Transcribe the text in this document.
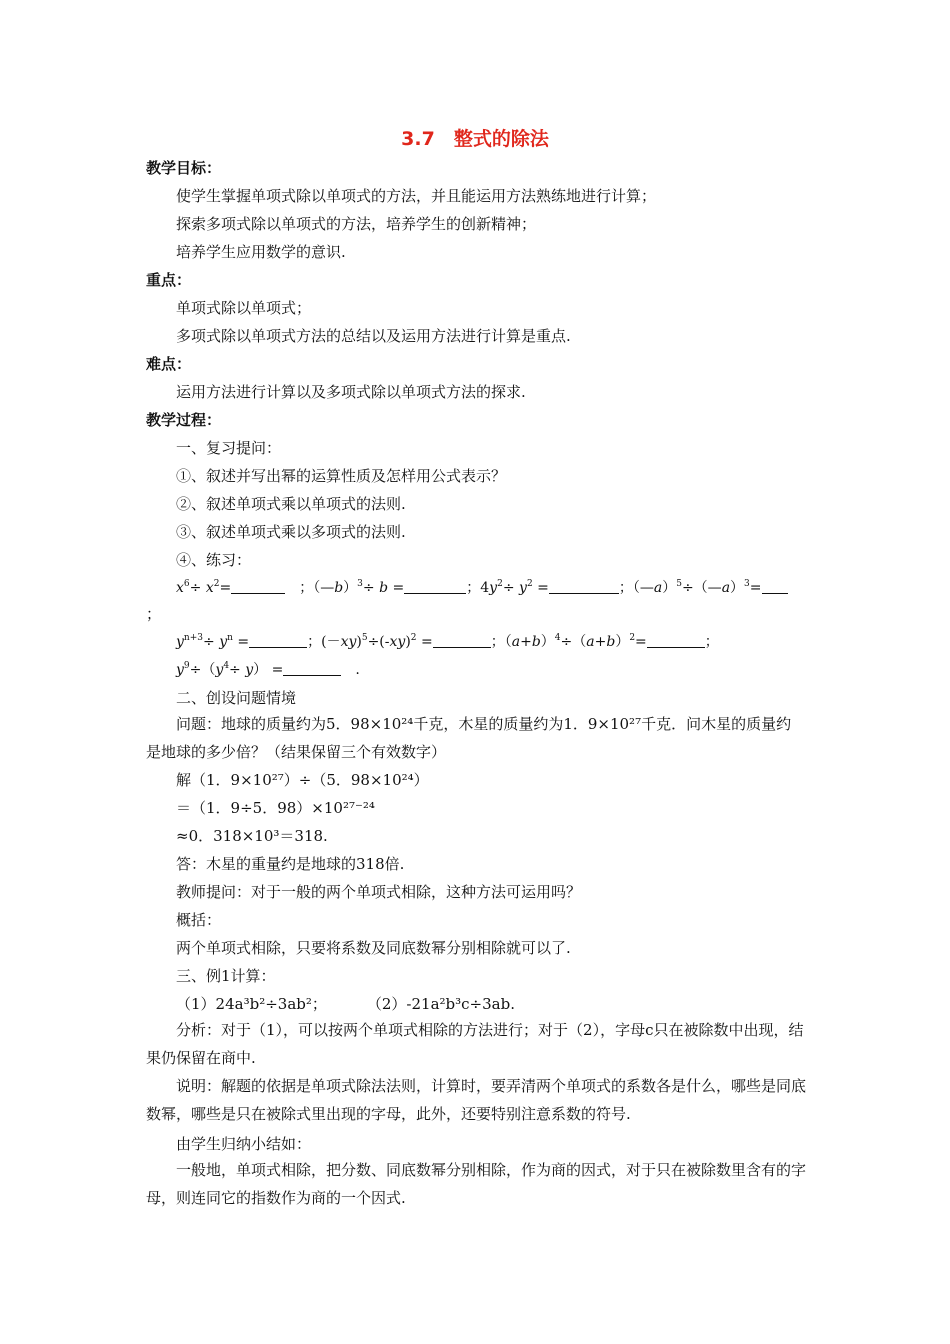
3.7　整式的除法
教学目标：
使学生掌握单项式除以单项式的方法，并且能运用方法熟练地进行计算；
探索多项式除以单项式的方法，培养学生的创新精神；
培养学生应用数学的意识.
重点：
单项式除以单项式；
多项式除以单项式方法的总结以及运用方法进行计算是重点.
难点：
运用方法进行计算以及多项式除以单项式方法的探求.
教学过程：
一、复习提问：
①、叙述并写出幂的运算性质及怎样用公式表示？
②、叙述单项式乘以单项式的法则.
③、叙述单项式乘以多项式的法则.
④、练习：
$x^6\div x^2=$	　；（—b）$^3$÷ b =	；$4y^2\div y^2$ =	；（—a）$^5$÷（—a）$^3$=
；
$y^{n+3}\div y^n$ =	；$(-xy)^5\div(-xy)^2$ =	；$(a+b)^4\div(a+b)^2=$	；
$y^9\div(y^4\div y)$ =	　.
二、创设问题情境
问题：地球的质量约为5．98×10²⁴千克，木星的质量约为1．9×10²⁷千克．问木星的质量约是地球的多少倍？（结果保留三个有效数字）
解（1．9×10²⁷）÷（5．98×10²⁴）
＝（1．9÷5．98）×10²⁷⁻²⁴
≈0．318×10³＝318.
答：木星的重量约是地球的318倍.
教师提问：对于一般的两个单项式相除，这种方法可运用吗？
概括：
两个单项式相除，只要将系数及同底数幂分别相除就可以了.
三、例1计算：
（1）24a³b²÷3ab²；	（2）-21a²b³c÷3ab.
分析：对于（1），可以按两个单项式相除的方法进行；对于（2），字母c只在被除数中出现，结果仍保留在商中.
说明：解题的依据是单项式除法法则，计算时，要弄清两个单项式的系数各是什么，哪些是同底数幂，哪些是只在被除式里出现的字母，此外，还要特别注意系数的符号.
由学生归纳小结如：
一般地，单项式相除，把分数、同底数幂分别相除，作为商的因式，对于只在被除数里含有的字母，则连同它的指数作为商的一个因式.
